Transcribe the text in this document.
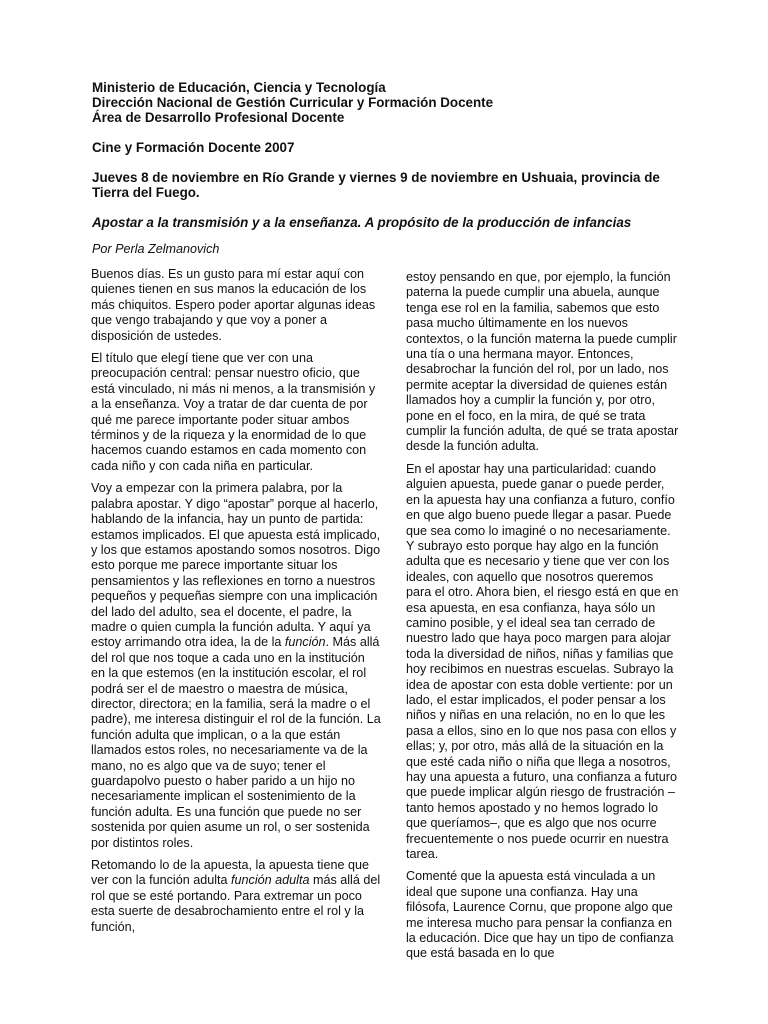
Ministerio de Educación, Ciencia y Tecnología

Dirección Nacional de Gestión Curricular y Formación Docente

Área de Desarrollo Profesional Docente

Cine y Formación Docente 2007

Jueves 8 de noviembre en Río Grande y viernes 9 de noviembre en Ushuaia, provincia de

Tierra del Fuego.

Apostar a la transmisión y a la enseñanza. A propósito de la producción de infancias

Por Perla Zelmanovich

Buenos días. Es un gusto para mí estar aquí con quienes tienen en sus manos la educación de los más chiquitos. Espero poder aportar algunas ideas que vengo trabajando y que voy a poner a disposición de ustedes.

El título que elegí tiene que ver con una preocupación central: pensar nuestro oficio, que está vinculado, ni más ni menos, a la transmisión y a la enseñanza. Voy a tratar de dar cuenta de por qué me parece importante poder situar ambos términos y de la riqueza y la enormidad de lo que hacemos cuando estamos en cada momento con cada niño y con cada niña en particular.

Voy a empezar con la primera palabra, por la palabra apostar. Y digo “apostar” porque al hacerlo, hablando de la infancia, hay un punto de partida: estamos implicados. El que apuesta está implicado, y los que estamos apostando somos nosotros. Digo esto porque me parece importante situar los pensamientos y las reflexiones en torno a nuestros pequeños y pequeñas siempre con una implicación del lado del adulto, sea el docente, el padre, la madre o quien cumpla la función adulta. Y aquí ya estoy arrimando otra idea, la de la función. Más allá del rol que nos toque a cada uno en la institución en la que estemos (en la institución escolar, el rol podrá ser el de maestro o maestra de música, director, directora; en la familia, será la madre o el padre), me interesa distinguir el rol de la función. La función adulta que implican, o a la que están llamados estos roles, no necesariamente va de la mano, no es algo que va de suyo; tener el guardapolvo puesto o haber parido a un hijo no necesariamente implican el sostenimiento de la función adulta. Es una función que puede no ser sostenida por quien asume un rol, o ser sostenida por distintos roles.

Retomando lo de la apuesta, la apuesta tiene que ver con la función adulta función adulta más allá del rol que se esté portando. Para extremar un poco esta suerte de desabrochamiento entre el rol y la función,

estoy pensando en que, por ejemplo, la función paterna la puede cumplir una abuela, aunque tenga ese rol en la familia, sabemos que esto pasa mucho últimamente en los nuevos contextos, o la función materna la puede cumplir una tía o una hermana mayor. Entonces, desabrochar la función del rol, por un lado, nos permite aceptar la diversidad de quienes están llamados hoy a cumplir la función y, por otro, pone en el foco, en la mira, de qué se trata cumplir la función adulta, de qué se trata apostar desde la función adulta.

En el apostar hay una particularidad: cuando alguien apuesta, puede ganar o puede perder, en la apuesta hay una confianza a futuro, confío en que algo bueno puede llegar a pasar. Puede que sea como lo imaginé o no necesariamente. Y subrayo esto porque hay algo en la función adulta que es necesario y tiene que ver con los ideales, con aquello que nosotros queremos para el otro. Ahora bien, el riesgo está en que en esa apuesta, en esa confianza, haya sólo un camino posible, y el ideal sea tan cerrado de nuestro lado que haya poco margen para alojar toda la diversidad de niños, niñas y familias que hoy recibimos en nuestras escuelas. Subrayo la idea de apostar con esta doble vertiente: por un lado, el estar implicados, el poder pensar a los niños y niñas en una relación, no en lo que les pasa a ellos, sino en lo que nos pasa con ellos y ellas; y, por otro, más allá de la situación en la que esté cada niño o niña que llega a nosotros, hay una apuesta a futuro, una confianza a futuro que puede implicar algún riesgo de frustración –tanto hemos apostado y no hemos logrado lo que queríamos–, que es algo que nos ocurre frecuentemente o nos puede ocurrir en nuestra tarea.

Comenté que la apuesta está vinculada a un ideal que supone una confianza. Hay una filósofa, Laurence Cornu, que propone algo que me interesa mucho para pensar la confianza en la educación. Dice que hay un tipo de confianza que está basada en lo que
